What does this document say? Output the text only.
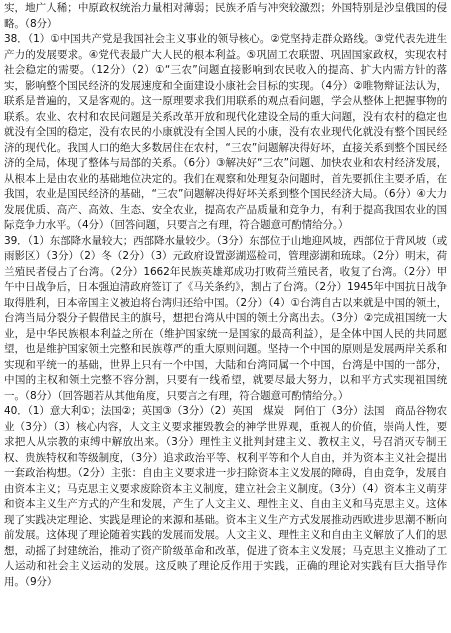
实，地广人稀；中原政权统治力量相对薄弱；民族矛盾与冲突较激烈；外国特别是沙皇俄国的侵略。（8分）

38．（1）①中国共产党是我国社会主义事业的领导核心。②党坚持走群众路线。③党代表先进生产力的发展要求。④党代表最广大人民的根本利益。⑤巩固工农联盟、巩固国家政权，实现农村社会稳定的需要。（12分）（2）①“三农”问题直接影响到农民收入的提高、扩大内需方针的落实，影响整个国民经济的发展速度和全面建设小康社会目标的实现。（4分）②唯物辩证法认为，联系是普遍的，又是客观的。这一原理要求我们用联系的观点看问题，学会从整体上把握事物的联系。农业、农村和农民问题是关系改革开放和现代化建设全局的重大问题，没有农村的稳定也就没有全国的稳定，没有农民的小康就没有全国人民的小康，没有农业现代化就没有整个国民经济的现代化。我国人口的绝大多数居住在农村，“三农”问题解决得好坏，直接关系到整个国民经济的全局，体现了整体与局部的关系。（6分）③解决好“三农”问题、加快农业和农村经济发展，从根本上是由农业的基础地位决定的。我们在观察和处理复杂问题时，首先要抓住主要矛盾，在我国，农业是国民经济的基础，“三农”问题解决得好坏关系到整个国民经济大局。（6分）④大力发展优质、高产、高效、生态、安全农业，提高农产品质量和竞争力，有利于提高我国农业的国际竞争力水平。（4分）（回答问题，只要言之有理，符合题意可酌情给分。）

39．（1）东部降水量较大；西部降水量较少。（3分）东部位于山地迎风坡，西部位于背风坡（或雨影区）（3分）（2）冬（2分）（3）元政府设置澎湖巡检司，管理澎湖和琉球。（2分）明末，荷兰殖民者侵占了台湾。（2分）1662年民族英雄郑成功打败荷兰殖民者，收复了台湾。（2分）甲午中日战争后，日本强迫清政府签订了《马关条约》，割占了台湾。（2分）1945年中国抗日战争取得胜利，日本帝国主义被迫将台湾归还给中国。（2分）（4）①台湾自古以来就是中国的领土，台湾当局分裂分子假借民主的旗号，想把台湾从中国的领土分离出去。（3分）②完成祖国统一大业，是中华民族根本利益之所在（维护国家统一是国家的最高利益），是全体中国人民的共同愿望，也是维护国家领土完整和民族尊严的重大原则问题。坚持一个中国的原则是发展两岸关系和实现和平统一的基础，世界上只有一个中国，大陆和台湾同属一个中国，台湾是中国的一部分，中国的主权和领土完整不容分割，只要有一线希望，就要尽最大努力，以和平方式实现祖国统一。（8分）（回答题若从其他角度，只要言之有理，符合题意可酌情给分。）

40．（1）意大利①；法国②；英国③（3分）（2）英国　煤炭　阿伯丁（3分）法国　商品谷物农业（3分）（3）核心内容，人文主义要求摧毁教会的神学世界观，重视人的价值，崇尚人性，要求把人从宗教的束缚中解放出来。（3分）理性主义批判封建主义、教权主义，号召消灭专制王权、贵族特权和等级制度，（3分）追求政治平等、权利平等和个人自由，并为资本主义社会提出一套政治构想。（2分）主张：自由主义要求进一步扫除资本主义发展的障碍，自由竞争，发展自由资本主义；马克思主义要求废除资本主义制度，建立社会主义制度。（3分）（4）资本主义萌芽和资本主义生产方式的产生和发展，产生了人文主义、理性主义、自由主义和马克思主义。这体现了实践决定理论、实践是理论的来源和基础。资本主义生产方式发展推动西欧进步思潮不断向前发展。这体现了理论随着实践的发展而发展。人文主义、理性主义和自由主义解放了人们的思想，动摇了封建统治，推动了资产阶级革命和改革，促进了资本主义发展；马克思主义推动了工人运动和社会主义运动的发展。这反映了理论反作用于实践，正确的理论对实践有巨大指导作用。（9分）
